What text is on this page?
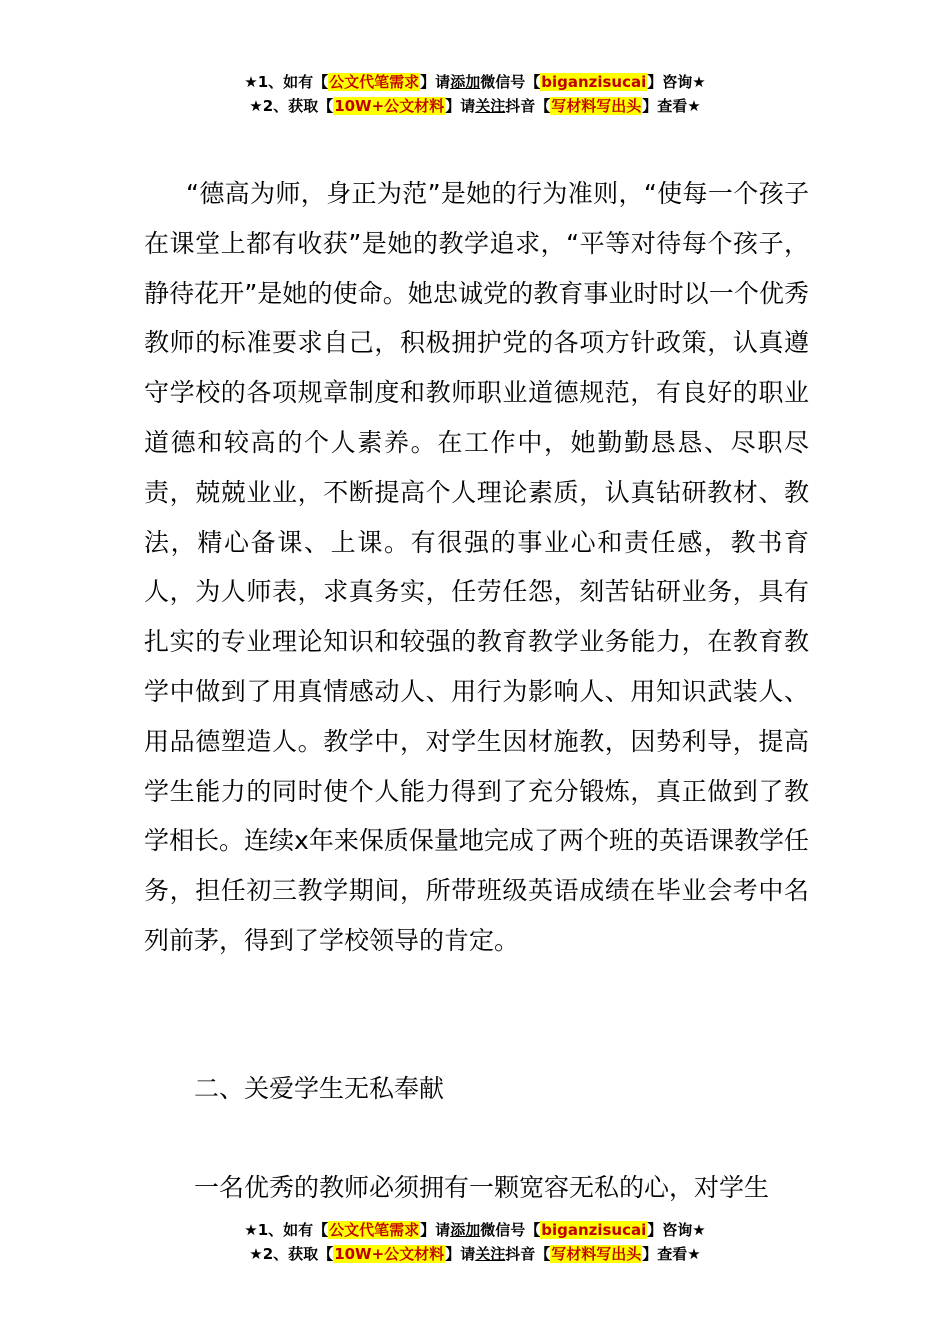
★1、如有【公文代笔需求】请添加微信号【biganzisucai】咨询★
★2、获取【10W+公文材料】请关注抖音【写材料写出头】查看★
“德高为师，身正为范”是她的行为准则，“使每一个孩子在课堂上都有收获”是她的教学追求，“平等对待每个孩子，静待花开”是她的使命。她忠诚党的教育事业时时以一个优秀教师的标准要求自己，积极拥护党的各项方针政策，认真遵守学校的各项规章制度和教师职业道德规范，有良好的职业道德和较高的个人素养。在工作中，她勤勤恳恳、尽职尽责，兢兢业业，不断提高个人理论素质，认真钻研教材、教法，精心备课、上课。有很强的事业心和责任感，教书育人，为人师表，求真务实，任劳任怨，刻苦钻研业务，具有扎实的专业理论知识和较强的教育教学业务能力，在教育教学中做到了用真情感动人、用行为影响人、用知识武装人、用品德塑造人。教学中，对学生因材施教，因势利导，提高学生能力的同时使个人能力得到了充分锻炼，真正做到了教学相长。连续x年来保质保量地完成了两个班的英语课教学任务，担任初三教学期间，所带班级英语成绩在毕业会考中名列前茅，得到了学校领导的肯定。
二、关爱学生无私奉献
一名优秀的教师必须拥有一颗宽容无私的心，对学生
★1、如有【公文代笔需求】请添加微信号【biganzisucai】咨询★
★2、获取【10W+公文材料】请关注抖音【写材料写出头】查看★
